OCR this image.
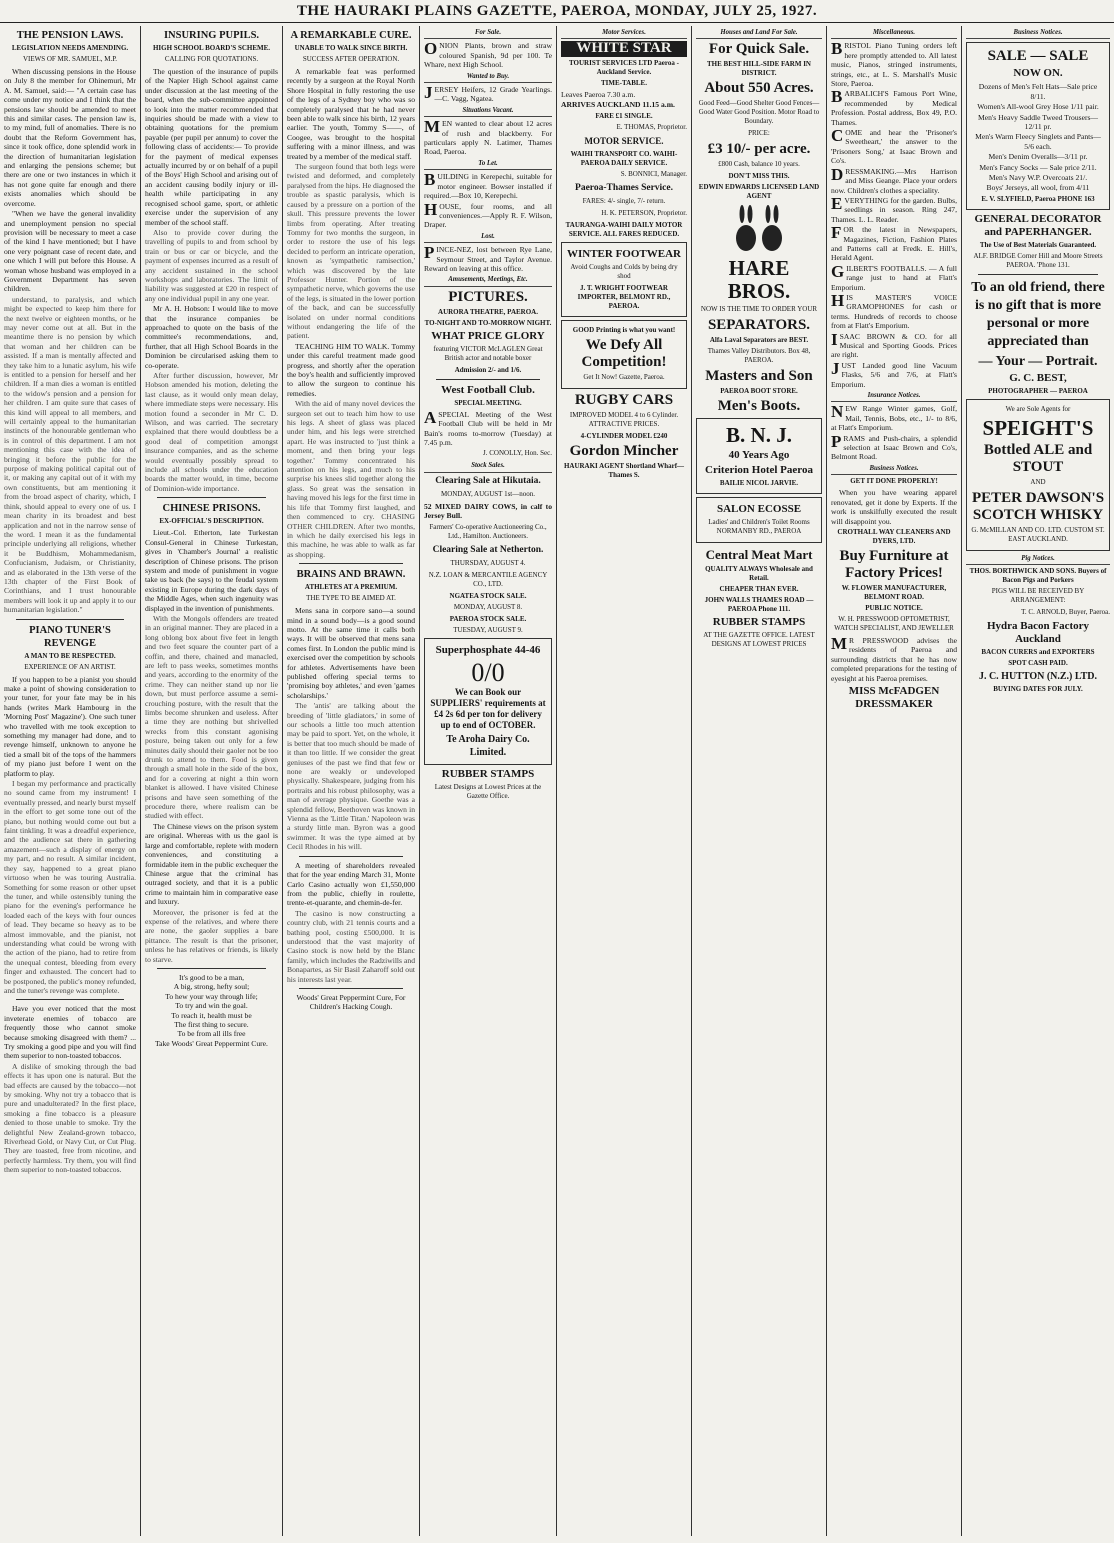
THE HAURAKI PLAINS GAZETTE, PAEROA, MONDAY, JULY 25, 1927.
THE PENSION LAWS.
LEGISLATION NEEDS AMENDING.
VIEWS OF MR. SAMUEL, M.P.

When discussing pensions in the House on July 8 the member for Ohinemuri, Mr A. M. Samuel, said:— "A certain case has come under my notice and I think that the pensions law should be amended to meet this and similar cases. The pension law is, to my mind, full of anomalies. There is no doubt that the Reform Government has, since it took office, done splendid work in the direction of humanitarian legislation and enlarging the pensions scheme; but there are one or two instances in which it has not gone quite far enough and there exists anomalies which should be overcome.

"When we have the general invalidity and unemployment pension no special provision will be necessary to meet a case of the kind I have mentioned; but I have one very poignant case of recent date, and one which I will put before this House. A woman whose husband was employed in a Government Department has seven children.

understand, to paralysis, and which might be expected to keep him there for the next twelve or eighteen months, or he may never come out at all. But in the meantime there is no pension by which that woman and her children can be assisted. If a man is mentally affected and they take him to a lunatic asylum, his wife is entitled to a pension for herself and her children. If a man dies a woman is entitled to the widow's pension and a pension for her children. I am quite sure that cases of this kind will appeal to all members, and will certainly appeal to the humanitarian instincts of the honourable gentleman who is in control of this department. I am not mentioning this case with the idea of bringing it before the public for the purpose of making political capital out of it, or making any capital out of it with my own constituents, but am mentioning it from the broad aspect of charity, which, I think, should appeal to every one of us. I mean charity in its broadest and best application and not in the narrow sense of the word. I mean it as the fundamental principle underlying all religions, whether it be Buddhism, Mohammedanism, Confucianism, Judaism, or Christianity, and as elaborated in the 13th verse of the 13th chapter of the First Book of Corinthians, and I trust honourable members will look it up and apply it to our humanitarian legislation."

PIANO TUNER'S REVENGE
A MAN TO BE RESPECTED.
EXPERIENCE OF AN ARTIST.

If you happen to be a pianist you should make a point of showing consideration to your tuner, for your fate may be in his hands (writes Mark Hambourg in the 'Morning Post' Magazine'). One such tuner who travelled with me took exception to something my manager had done, and to revenge himself, unknown to anyone he tied a small bit of the tops of the hammers of my piano just before I went on the platform to play.

I began my performance and practically no sound came from my instrument! I eventually pressed, and nearly burst myself in the effort to get some tone out of the piano, but nothing would come out but a faint tinkling. It was a dreadful experience, and the audience sat there in gathering amazement—such a display of energy on my part, and no result. A similar incident, they say, happened to a great piano virtuoso when he was touring Australia. Something for some reason or other upset the tuner, and while ostensibly tuning the piano for the evening's performance he loaded each of the keys with four ounces of lead. They became so heavy as to be almost immovable, and the pianist, not understanding what could be wrong with the action of the piano, had to retire from the unequal contest, bleeding from every finger and exhausted. The concert had to be postponed, the public's money refunded, and the tuner's revenge was complete.

Have you ever noticed that the most inveterate enemies of tobacco are frequently those who cannot smoke because smoking disagreed with them? ... Try smoking a good pipe and you will find them superior to non-toasted tobaccos.

A dislike of smoking through the bad effects it has upon one is natural. But the bad effects are caused by the tobacco—not by smoking. Why not try a tobacco that is pure and unadulterated? In the first place, smoking a fine tobacco is a pleasure denied to those unable to smoke. Try the delightful New Zealand-grown tobacco, Riverhead Gold, or Navy Cut, or Cut Plug. They are toasted, free from nicotine, and perfectly harmless. Try them, you will find them superior to non-toasted tobaccos.

INSURING PUPILS.
HIGH SCHOOL BOARD'S SCHEME.
CALLING FOR QUOTATIONS.

The question of the insurance of pupils of the Napier High School against came under discussion at the last meeting of the board, when the sub-committee appointed to look into the matter recommended that inquiries should be made with a view to obtaining quotations for the premium payable (per pupil per annum) to cover the following class of accidents:— To provide for the payment of medical expenses actually incurred by or on behalf of a pupil of the Boys' High School and arising out of an accident causing bodily injury or ill-health while participating in any recognised school game, sport, or athletic exercise under the supervision of any member of the school staff.

Also to provide cover during the travelling of pupils to and from school by train or bus or car or bicycle, and the payment of expenses incurred as a result of any accident sustained in the school workshops and laboratories. The limit of liability was suggested at £20 in respect of any one individual pupil in any one year.

Mr A. H. Hobson: I would like to move that the insurance companies be approached to quote on the basis of the committee's recommendations, and, further, that all High School Boards in the Dominion be circularised asking them to co-operate.

After further discussion, however, Mr Hobson amended his motion, deleting the last clause, as it would only mean delay, where immediate steps were necessary. His motion found a seconder in Mr C. D. Wilson, and was carried. The secretary explained that there would doubtless be a good deal of competition amongst insurance companies, and as the scheme would eventually possibly spread to include all schools under the education boards the matter would, in time, become of Dominion-wide importance.

CHINESE PRISONS.
EX-OFFICIAL'S DESCRIPTION.

Lieut.-Col. Etherton, late Turkestan Consul-General in Chinese Turkestan, gives in 'Chamber's Journal' a realistic description of Chinese prisons. The prison system and mode of punishment in vogue take us back (he says) to the feudal system existing in Europe during the dark days of the Middle Ages, when such ingenuity was displayed in the invention of punishments.

With the Mongols offenders are treated in an original manner. They are placed in a long oblong box about five feet in length and two feet square the counter part of a coffin, and there, chained and manacled, are left to pass weeks, sometimes months and years, according to the enormity of the crime. They can neither stand up nor lie down, but must perforce assume a semi-crouching posture, with the result that the limbs become shrunken and useless. After a time they are nothing but shrivelled wrecks from this constant agonising posture, being taken out only for a few minutes daily should their gaoler not be too drunk to attend to them. Food is given through a small hole in the side of the box, and for a covering at night a thin worn blanket is allowed. I have visited Chinese prisons and have seen something of the procedure there, where realism can be studied with effect.

The Chinese views on the prison system are original. Whereas with us the gaol is large and comfortable, replete with modern conveniences, and constituting a formidable item in the public exchequer the Chinese argue that the criminal has outraged society, and that it is a public crime to maintain him in comparative ease and luxury.

Moreover, the prisoner is fed at the expense of the relatives, and where there are none, the gaoler supplies a bare pittance. The result is that the prisoner, unless he has relatives or friends, is likely to starve.

It's good to be a man,
A big, strong, hefty soul;
To hew your way through life;
To try and win the goal.
To reach it, health must be
The first thing to secure.
To be from all ills free
Take Woods' Great Peppermint Cure.

A REMARKABLE CURE.
UNABLE TO WALK SINCE BIRTH.
SUCCESS AFTER OPERATION.

A remarkable feat was performed recently by a surgeon at the Royal North Shore Hospital in fully restoring the use of the legs of a Sydney boy who was so completely paralysed that he had never been able to walk since his birth, 12 years earlier. The youth, Tommy S——, of Coogee, was brought to the hospital suffering with a minor illness, and was treated by a member of the medical staff.

The surgeon found that both legs were twisted and deformed, and completely paralysed from the hips. He diagnosed the trouble as spastic paralysis, which is caused by a pressure on a portion of the skull. This pressure prevents the lower limbs from operating. After treating Tommy for two months the surgeon, in order to restore the use of his legs decided to perform an intricate operation, known as 'sympathetic ramisection,' which was discovered by the late Professor Hunter. Portion of the sympathetic nerve, which governs the use of the legs, is situated in the lower portion of the back, and can be successfully isolated on under normal conditions without endangering the life of the patient.

TEACHING HIM TO WALK. Tommy under this careful treatment made good progress, and shortly after the operation the boy's health and sufficiently improved to allow the surgeon to continue his remedies.

With the aid of many novel devices the surgeon set out to teach him how to use his legs. A sheet of glass was placed under him, and his legs were stretched apart. He was instructed to 'just think a moment, and then bring your legs together.' Tommy concentrated his attention on his legs, and much to his surprise his knees slid together along the glass. So great was the sensation in having moved his legs for the first time in his life that Tommy first laughed, and then commenced to cry. CHASING OTHER CHILDREN. After two months, in which he daily exercised his legs in this machine, he was able to walk as far as shopping.

BRAINS AND BRAWN.
ATHLETES AT A PREMIUM.
THE TYPE TO BE AIMED AT.

Mens sana in corpore sano—a sound mind in a sound body—is a good sound motto. At the same time it calls both ways. It will be observed that mens sana comes first. In London the public mind is exercised over the competition by schools for athletes. Advertisements have been published offering special terms to 'promising boy athletes,' and even 'games scholarships.'

The 'antis' are talking about the breeding of 'little gladiators,' in some of our schools a little too much attention may be paid to sport. Yet, on the whole, it is better that too much should be made of it than too little. If we consider the great geniuses of the past we find that few or none are weakly or undeveloped physically. Shakespeare, judging from his portraits and his robust philosophy, was a man of average physique. Goethe was a splendid fellow, Beethoven was known in Vienna as the 'Little Titan.' Napoleon was a sturdy little man. Byron was a good swimmer. It was the type aimed at by Cecil Rhodes in his will.

A meeting of shareholders revealed that for the year ending March 31, Monte Carlo Casino actually won £1,550,000 from the public, chiefly in roulette, trente-et-quarante, and chemin-de-fer.

The casino is now constructing a country club, with 21 tennis courts and a bathing pool, costing £500,000. It is understood that the vast majority of Casino stock is now held by the Blanc family, which includes the Radziwills and Bonapartes, as Sir Basil Zaharoff sold out his interests last year.

Woods' Great Peppermint Cure, For Children's Hacking Cough.

For Sale.

ONION Plants, brown and straw coloured Spanish, 9d per 100. Te Whare, next High School.

Wanted to Buy.

JERSEY Heifers, 12 Grade Yearlings.—C. Vagg, Ngatea.

Situations Vacant.

MEN wanted to clear about 12 acres of rush and blackberry. For particulars apply N. Latimer, Thames Road, Paeroa.

To Let.

BUILDING in Kerepechi, suitable for motor engineer. Bowser installed if required.—Box 10, Kerepechi.

HOUSE, four rooms, and all conveniences.—Apply R. F. Wilson, Draper.

Lost.

PINCE-NEZ, lost between Rye Lane, Seymour Street, and Taylor Avenue. Reward on leaving at this office.

Amusements, Meetings, Etc.
PICTURES.
AURORA THEATRE, PAEROA.
TO-NIGHT AND TO-MORROW NIGHT.
WHAT PRICE GLORY
featuring VICTOR McLAGLEN Great British actor and notable boxer
Admission 2/- and 1/6.
West Football Club.
SPECIAL MEETING.

ASPECIAL Meeting of the West Football Club will be held in Mr Bain's rooms to-morrow (Tuesday) at 7.45 p.m.

J. CONOLLY, Hon. Sec.
Stock Sales.
Clearing Sale at Hikutaia.
MONDAY, AUGUST 1st—noon.

52 MIXED DAIRY COWS, in calf to Jersey Bull.

Farmers' Co-operative Auctioneering Co., Ltd., Hamilton. Auctioneers.
Clearing Sale at Netherton.
THURSDAY, AUGUST 4.
N.Z. LOAN & MERCANTILE AGENCY CO., LTD.
NGATEA STOCK SALE.
MONDAY, AUGUST 8.
PAEROA STOCK SALE.
TUESDAY, AUGUST 9.
Superphosphate 44-46
0/0
We can Book our SUPPLIERS' requirements at £4 2s 6d per ton for delivery up to end of OCTOBER.
Te Aroha Dairy Co. Limited.
RUBBER STAMPS
Latest Designs at Lowest Prices at the Gazette Office.
Motor Services.
WHITE STAR
TOURIST SERVICES LTD Paeroa - Auckland Service.
TIME-TABLE.

Leaves Paeroa 7.30 a.m.

ARRIVES AUCKLAND 11.15 a.m.

FARE £1 SINGLE.
E. THOMAS, Proprietor.
MOTOR SERVICE.
WAIHI TRANSPORT CO. WAIHI-PAEROA DAILY SERVICE.
S. BONNICI, Manager.
Paeroa-Thames Service.
FARES: 4/- single, 7/- return.
H. K. PETERSON, Proprietor.
TAURANGA-WAIHI DAILY MOTOR SERVICE. ALL FARES REDUCED.
WINTER FOOTWEAR
Avoid Coughs and Colds by being dry shod
J. T. WRIGHT FOOTWEAR IMPORTER, BELMONT RD., PAEROA.
GOOD Printing is what you want!
We Defy All Competition!
Get It Now! Gazette, Paeroa.
RUGBY CARS
IMPROVED MODEL 4 to 6 Cylinder. ATTRACTIVE PRICES.
4-CYLINDER MODEL £240
Gordon Mincher
HAURAKI AGENT Shortland Wharf—Thames S.
Houses and Land For Sale.
For Quick Sale.
THE BEST HILL-SIDE FARM IN DISTRICT.
About 550 Acres.
Good Feed—Good Shelter Good Fences—Good Water Good Position. Motor Road to Boundary.
PRICE:
£3 10/- per acre.
£800 Cash, balance 10 years.
DON'T MISS THIS.
EDWIN EDWARDS LICENSED LAND AGENT
HARE BROS.
NOW IS THE TIME TO ORDER YOUR
SEPARATORS.
Alfa Laval Separators are BEST.
Thames Valley Distributors. Box 48, PAEROA.
Masters and Son
PAEROA BOOT STORE.
Men's Boots.
B. N. J.
40 Years Ago
Criterion Hotel Paeroa
BAILIE NICOL JARVIE.
SALON ECOSSE
Ladies' and Children's Toilet Rooms NORMANBY RD., PAEROA
Central Meat Mart
QUALITY ALWAYS Wholesale and Retail.
CHEAPER THAN EVER.
JOHN WALLS THAMES ROAD — PAEROA Phone 111.
RUBBER STAMPS
AT THE GAZETTE OFFICE. LATEST DESIGNS AT LOWEST PRICES
Miscellaneous.

BRISTOL Piano Tuning orders left here promptly attended to. All latest music, Pianos, stringed instruments, strings, etc., at L. S. Marshall's Music Store, Paeroa.

BARBALICH'S Famous Port Wine, recommended by Medical Profession. Postal address, Box 49, P.O. Thames.

COME and hear the 'Prisoner's Sweetheart,' the answer to the 'Prisoners Song,' at Isaac Brown and Co's.

DRESSMAKING.—Mrs Harrison and Miss Geange. Place your orders now. Children's clothes a speciality.

EVERYTHING for the garden. Bulbs, seedlings in season. Ring 247, Thames. L. L. Reader.

FOR the latest in Newspapers, Magazines, Fiction, Fashion Plates and Patterns call at Fredk. E. Hill's, Herald Agent.

GILBERT'S FOOTBALLS. — A full range just to hand at Flatt's Emporium.

HIS MASTER'S VOICE GRAMOPHONES for cash or terms. Hundreds of records to choose from at Flatt's Emporium.

ISAAC BROWN & CO. for all Musical and Sporting Goods. Prices are right.

JUST Landed good line Vacuum Flasks, 5/6 and 7/6, at Flatt's Emporium.

Insurance Notices.

NEW Range Winter games, Golf, Mail, Tennis, Bobs, etc., 1/- to 8/6, at Flatt's Emporium.

PRAMS and Push-chairs, a splendid selection at Isaac Brown and Co's, Belmont Road.

Business Notices.
GET IT DONE PROPERLY!

When you have wearing apparel renovated, get it done by Experts. If the work is unskilfully executed the result will disappoint you.

CROTHALL WAY CLEANERS AND DYERS, LTD.
Buy Furniture at Factory Prices!
W. FLOWER MANUFACTURER, BELMONT ROAD.
PUBLIC NOTICE.
W. H. PRESSWOOD OPTOMETRIST, WATCH SPECIALIST, AND JEWELLER

MR PRESSWOOD advises the residents of Paeroa and surrounding districts that he has now completed preparations for the testing of eyesight at his Paeroa premises.

MISS McFADGEN DRESSMAKER
Business Notices.
SALE — SALE
NOW ON.

Dozens of Men's Felt Hats—Sale price 8/11.

Women's All-wool Grey Hose 1/11 pair.

Men's Heavy Saddle Tweed Trousers—12/11 pr.

Men's Warm Fleecy Singlets and Pants—5/6 each.

Men's Denim Overalls—3/11 pr.

Men's Fancy Socks — Sale price 2/11.

Men's Navy W.P. Overcoats 21/.

Boys' Jerseys, all wool, from 4/11

E. V. SLYFIELD, Paeroa PHONE 163
GENERAL DECORATOR and PAPERHANGER.
The Use of Best Materials Guaranteed.
ALF. BRIDGE Corner Hill and Moore Streets PAEROA. 'Phone 131.
To an old friend, there is no gift that is more personal or more appreciated than
— Your — Portrait.
G. C. BEST,
PHOTOGRAPHER — PAEROA
We are Sole Agents for
SPEIGHT'S
Bottled ALE and STOUT
AND
PETER DAWSON'S SCOTCH WHISKY
G. McMILLAN AND CO. LTD. CUSTOM ST. EAST AUCKLAND.
Pig Notices.
THOS. BORTHWICK AND SONS. Buyers of Bacon Pigs and Porkers
PIGS WILL BE RECEIVED BY ARRANGEMENT:
T. C. ARNOLD, Buyer, Paeroa.
Hydra Bacon Factory Auckland
BACON CURERS and EXPORTERS
SPOT CASH PAID.
J. C. HUTTON (N.Z.) LTD.
BUYING DATES FOR JULY.
